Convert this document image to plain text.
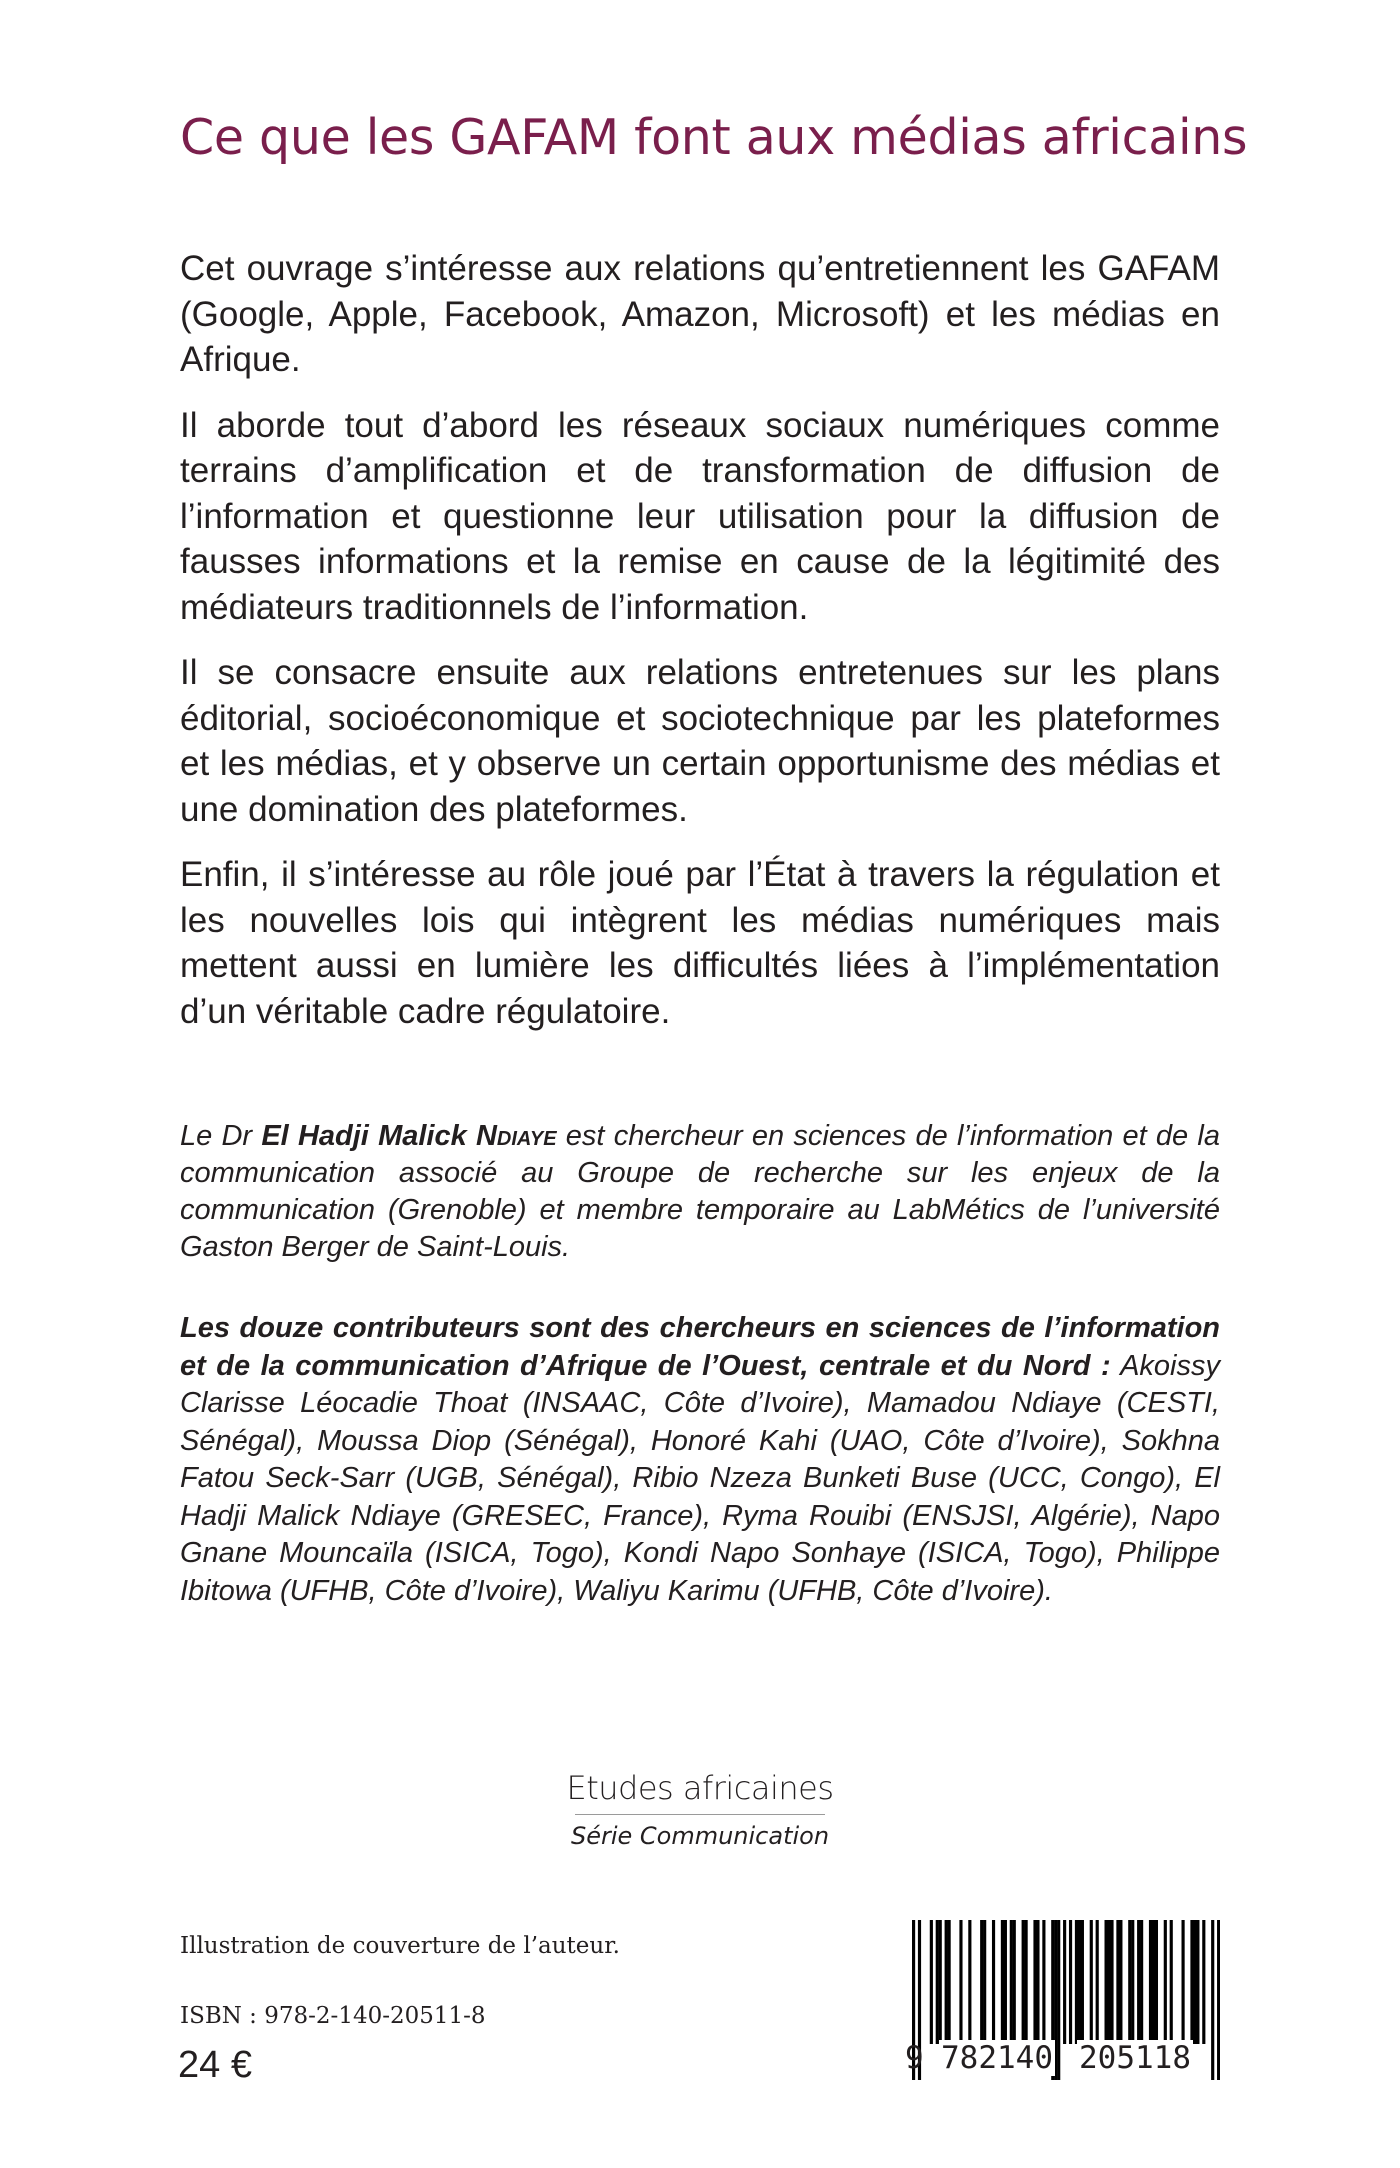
Ce que les GAFAM font aux médias africains

Cet ouvrage s’intéresse aux relations qu’entretiennent les GAFAM (Google, Apple, Facebook, Amazon, Microsoft) et les médias en Afrique.

Il aborde tout d’abord les réseaux sociaux numériques comme terrains d’amplification et de transformation de diffusion de l’information et questionne leur utilisation pour la diffusion de fausses informations et la remise en cause de la légitimité des médiateurs traditionnels de l’information.

Il se consacre ensuite aux relations entretenues sur les plans éditorial, socioéconomique et sociotechnique par les plateformes et les médias, et y observe un certain opportunisme des médias et une domination des plateformes.

Enfin, il s’intéresse au rôle joué par l’État à travers la régulation et les nouvelles lois qui intègrent les médias numériques mais mettent aussi en lumière les difficultés liées à l’implémentation d’un véritable cadre régulatoire.

Le Dr El Hadji Malick Ndiaye est chercheur en sciences de l’information et de la communication associé au Groupe de recherche sur les enjeux de la communication (Grenoble) et membre temporaire au LabMétics de l’université Gaston Berger de Saint-Louis.
Les douze contributeurs sont des chercheurs en sciences de l’information et de la communication d’Afrique de l’Ouest, centrale et du Nord : Akoissy Clarisse Léocadie Thoat (INSAAC, Côte d’Ivoire), Mamadou Ndiaye (CESTI, Sénégal), Moussa Diop (Sénégal), Honoré Kahi (UAO, Côte d’Ivoire), Sokhna Fatou Seck-Sarr (UGB, Sénégal), Ribio Nzeza Bunketi Buse (UCC, Congo), El Hadji Malick Ndiaye (GRESEC, France), Ryma Rouibi (ENSJSI, Algérie), Napo Gnane Mouncaïla (ISICA, Togo), Kondi Napo Sonhaye (ISICA, Togo), Philippe Ibitowa (UFHB, Côte d’Ivoire), Waliyu Karimu (UFHB, Côte d’Ivoire).
Etudes africaines
Série Communication
Illustration de couverture de l’auteur.
ISBN : 978-2-140-20511-8
24 €	9 782140 205118
